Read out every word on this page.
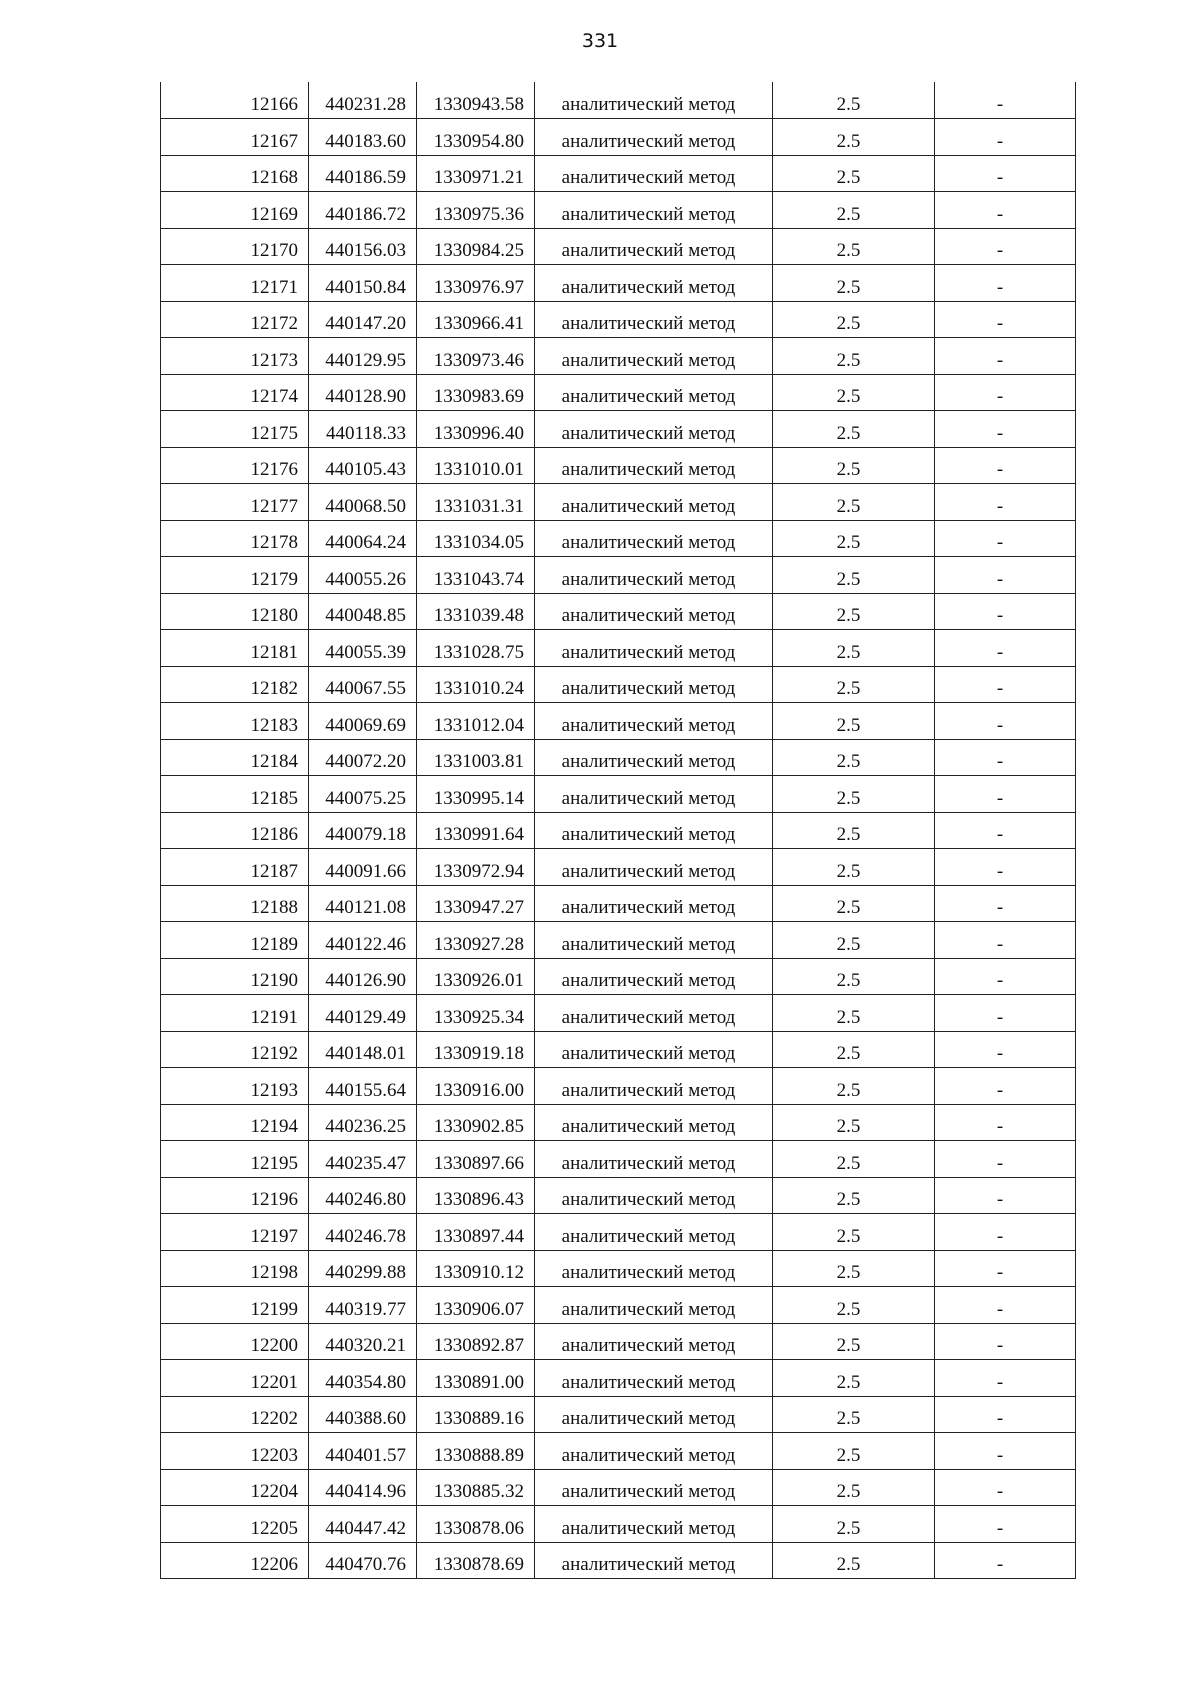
331
12166	440231.28	1330943.58	аналитический метод	2.5	-
12167	440183.60	1330954.80	аналитический метод	2.5	-
12168	440186.59	1330971.21	аналитический метод	2.5	-
12169	440186.72	1330975.36	аналитический метод	2.5	-
12170	440156.03	1330984.25	аналитический метод	2.5	-
12171	440150.84	1330976.97	аналитический метод	2.5	-
12172	440147.20	1330966.41	аналитический метод	2.5	-
12173	440129.95	1330973.46	аналитический метод	2.5	-
12174	440128.90	1330983.69	аналитический метод	2.5	-
12175	440118.33	1330996.40	аналитический метод	2.5	-
12176	440105.43	1331010.01	аналитический метод	2.5	-
12177	440068.50	1331031.31	аналитический метод	2.5	-
12178	440064.24	1331034.05	аналитический метод	2.5	-
12179	440055.26	1331043.74	аналитический метод	2.5	-
12180	440048.85	1331039.48	аналитический метод	2.5	-
12181	440055.39	1331028.75	аналитический метод	2.5	-
12182	440067.55	1331010.24	аналитический метод	2.5	-
12183	440069.69	1331012.04	аналитический метод	2.5	-
12184	440072.20	1331003.81	аналитический метод	2.5	-
12185	440075.25	1330995.14	аналитический метод	2.5	-
12186	440079.18	1330991.64	аналитический метод	2.5	-
12187	440091.66	1330972.94	аналитический метод	2.5	-
12188	440121.08	1330947.27	аналитический метод	2.5	-
12189	440122.46	1330927.28	аналитический метод	2.5	-
12190	440126.90	1330926.01	аналитический метод	2.5	-
12191	440129.49	1330925.34	аналитический метод	2.5	-
12192	440148.01	1330919.18	аналитический метод	2.5	-
12193	440155.64	1330916.00	аналитический метод	2.5	-
12194	440236.25	1330902.85	аналитический метод	2.5	-
12195	440235.47	1330897.66	аналитический метод	2.5	-
12196	440246.80	1330896.43	аналитический метод	2.5	-
12197	440246.78	1330897.44	аналитический метод	2.5	-
12198	440299.88	1330910.12	аналитический метод	2.5	-
12199	440319.77	1330906.07	аналитический метод	2.5	-
12200	440320.21	1330892.87	аналитический метод	2.5	-
12201	440354.80	1330891.00	аналитический метод	2.5	-
12202	440388.60	1330889.16	аналитический метод	2.5	-
12203	440401.57	1330888.89	аналитический метод	2.5	-
12204	440414.96	1330885.32	аналитический метод	2.5	-
12205	440447.42	1330878.06	аналитический метод	2.5	-
12206	440470.76	1330878.69	аналитический метод	2.5	-
